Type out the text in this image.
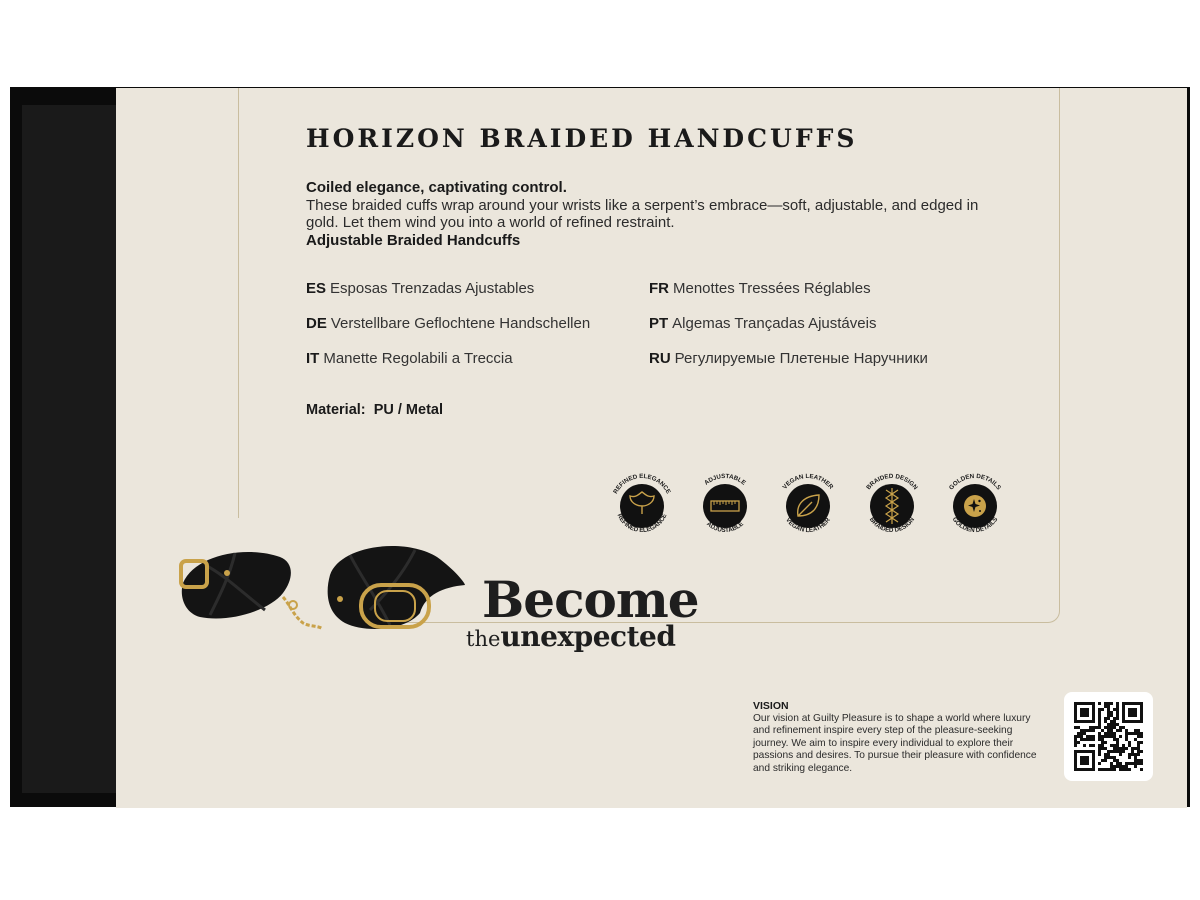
HORIZON BRAIDED HANDCUFFS
Coiled elegance, captivating control.
These braided cuffs wrap around your wrists like a serpent’s embrace—soft, adjustable, and edged in gold. Let them wind you into a world of refined restraint.
Adjustable Braided Handcuffs
ES Esposas Trenzadas Ajustables	FR Menottes Tressées Réglables
DE Verstellbare Geflochtene Handschellen	PT Algemas Trançadas Ajustáveis
IT Manette Regolabili a Treccia	RU Регулируемые Плетеные Наручники
Material: PU / Metal
REFINED ELEGANCE
REFINED ELEGANCE
ADJUSTABLE
ADJUSTABLE
VEGAN LEATHER
VEGAN LEATHER
BRAIDED DESIGN
BRAIDED DESIGN
GOLDEN DETAILS
GOLDEN DETAILS
Become
theunexpected
VISION
Our vision at Guilty Pleasure is to shape a world where luxury and refinement inspire every step of the pleasure-seeking journey. We aim to inspire every individual to explore their passions and desires. To pursue their pleasure with confidence and striking elegance.
